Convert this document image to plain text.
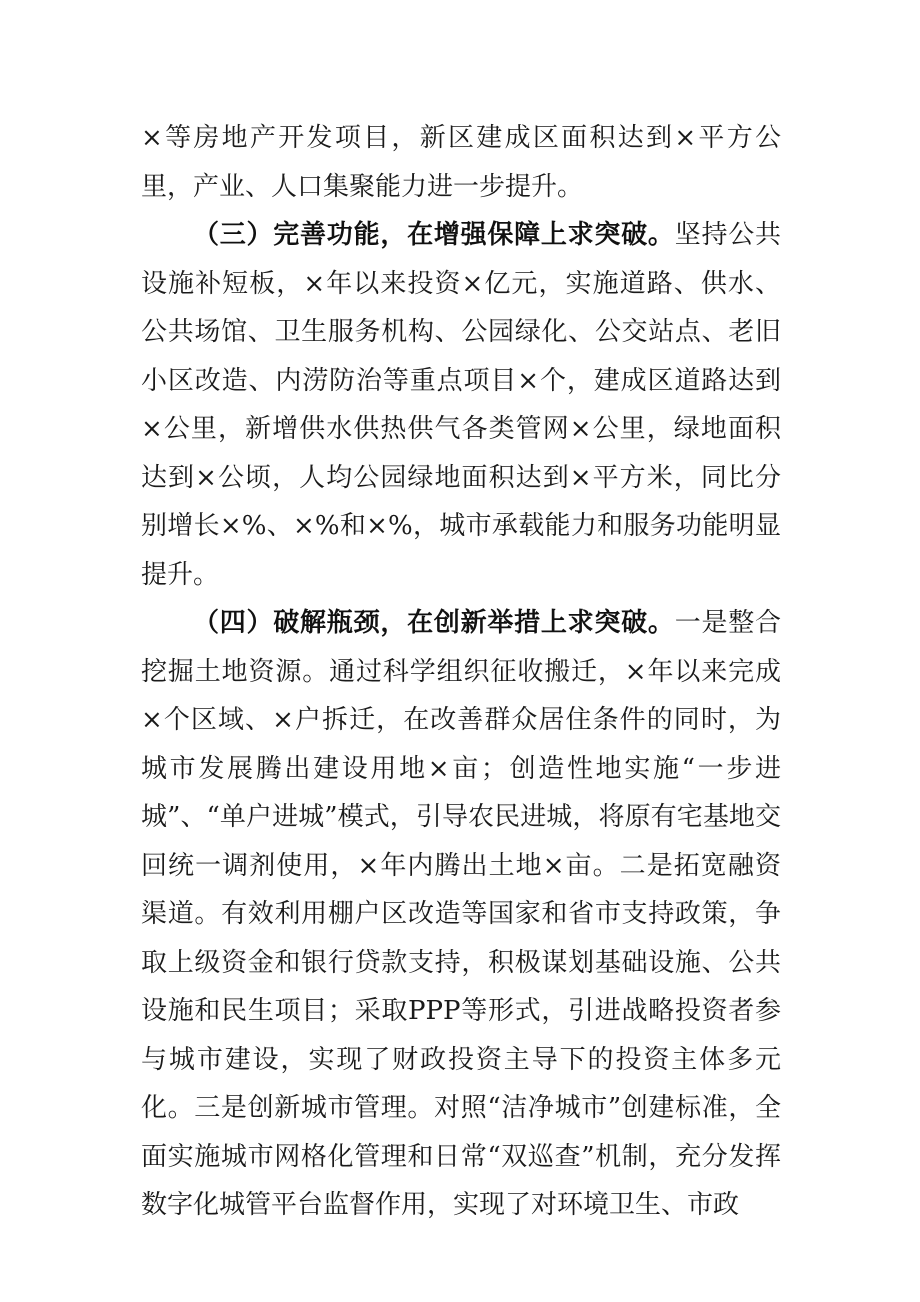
×等房地产开发项目，新区建成区面积达到×平方公里，产业、人口集聚能力进一步提升。

（三）完善功能，在增强保障上求突破。坚持公共设施补短板，×年以来投资×亿元，实施道路、供水、公共场馆、卫生服务机构、公园绿化、公交站点、老旧小区改造、内涝防治等重点项目×个，建成区道路达到×公里，新增供水供热供气各类管网×公里，绿地面积达到×公顷，人均公园绿地面积达到×平方米，同比分别增长×%、×%和×%，城市承载能力和服务功能明显提升。

（四）破解瓶颈，在创新举措上求突破。一是整合挖掘土地资源。通过科学组织征收搬迁，×年以来完成×个区域、×户拆迁，在改善群众居住条件的同时，为城市发展腾出建设用地×亩；创造性地实施“一步进城”、“单户进城”模式，引导农民进城，将原有宅基地交回统一调剂使用，×年内腾出土地×亩。二是拓宽融资渠道。有效利用棚户区改造等国家和省市支持政策，争取上级资金和银行贷款支持，积极谋划基础设施、公共设施和民生项目；采取PPP等形式，引进战略投资者参与城市建设，实现了财政投资主导下的投资主体多元化。三是创新城市管理。对照“洁净城市”创建标准，全面实施城市网格化管理和日常“双巡查”机制，充分发挥数字化城管平台监督作用，实现了对环境卫生、市政
